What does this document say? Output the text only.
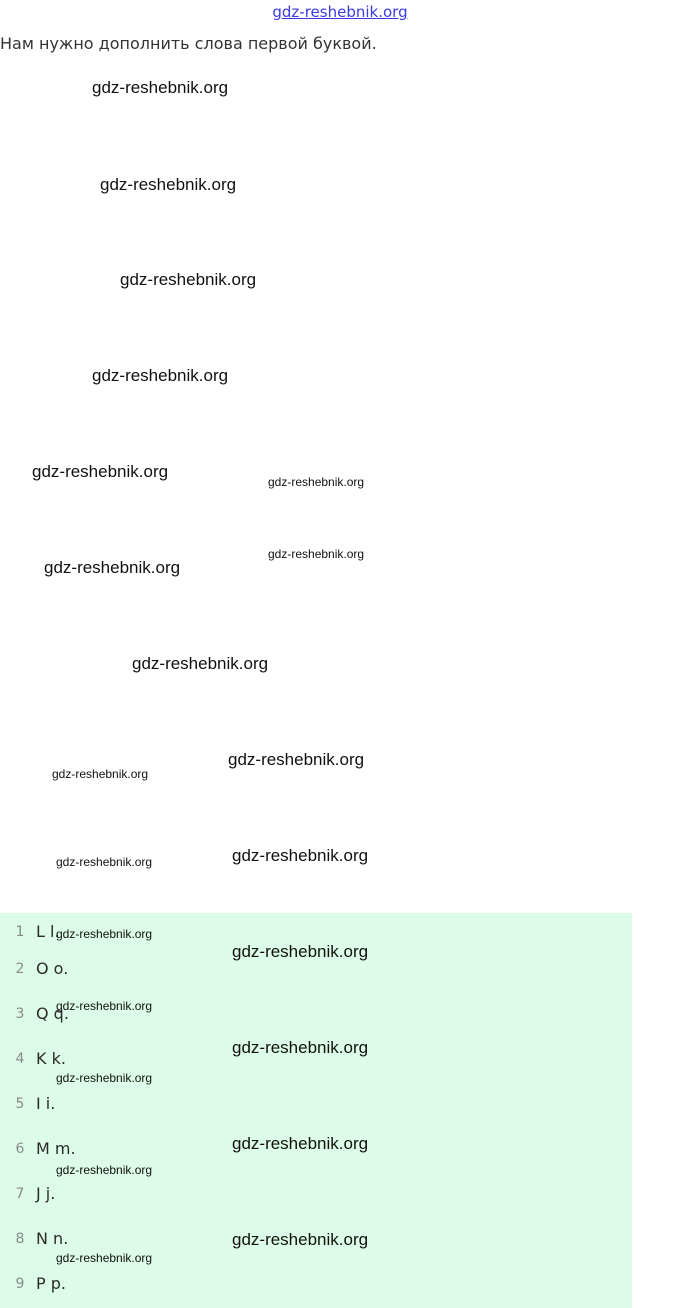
gdz-reshebnik.org
Нам нужно дополнить слова первой буквой.
1 L l.
2 O o.
3 Q q.
4 K k.
5 I i.
6 M m.
7 J j.
8 N n.
9 P p.
gdz-reshebnik.org
gdz-reshebnik.org
gdz-reshebnik.org
gdz-reshebnik.org
gdz-reshebnik.org
gdz-reshebnik.org
gdz-reshebnik.org
gdz-reshebnik.org
gdz-reshebnik.org
gdz-reshebnik.org
gdz-reshebnik.org
gdz-reshebnik.org
gdz-reshebnik.org
gdz-reshebnik.org
gdz-reshebnik.org
gdz-reshebnik.org
gdz-reshebnik.org
gdz-reshebnik.org
gdz-reshebnik.org
gdz-reshebnik.org
gdz-reshebnik.org
gdz-reshebnik.org
